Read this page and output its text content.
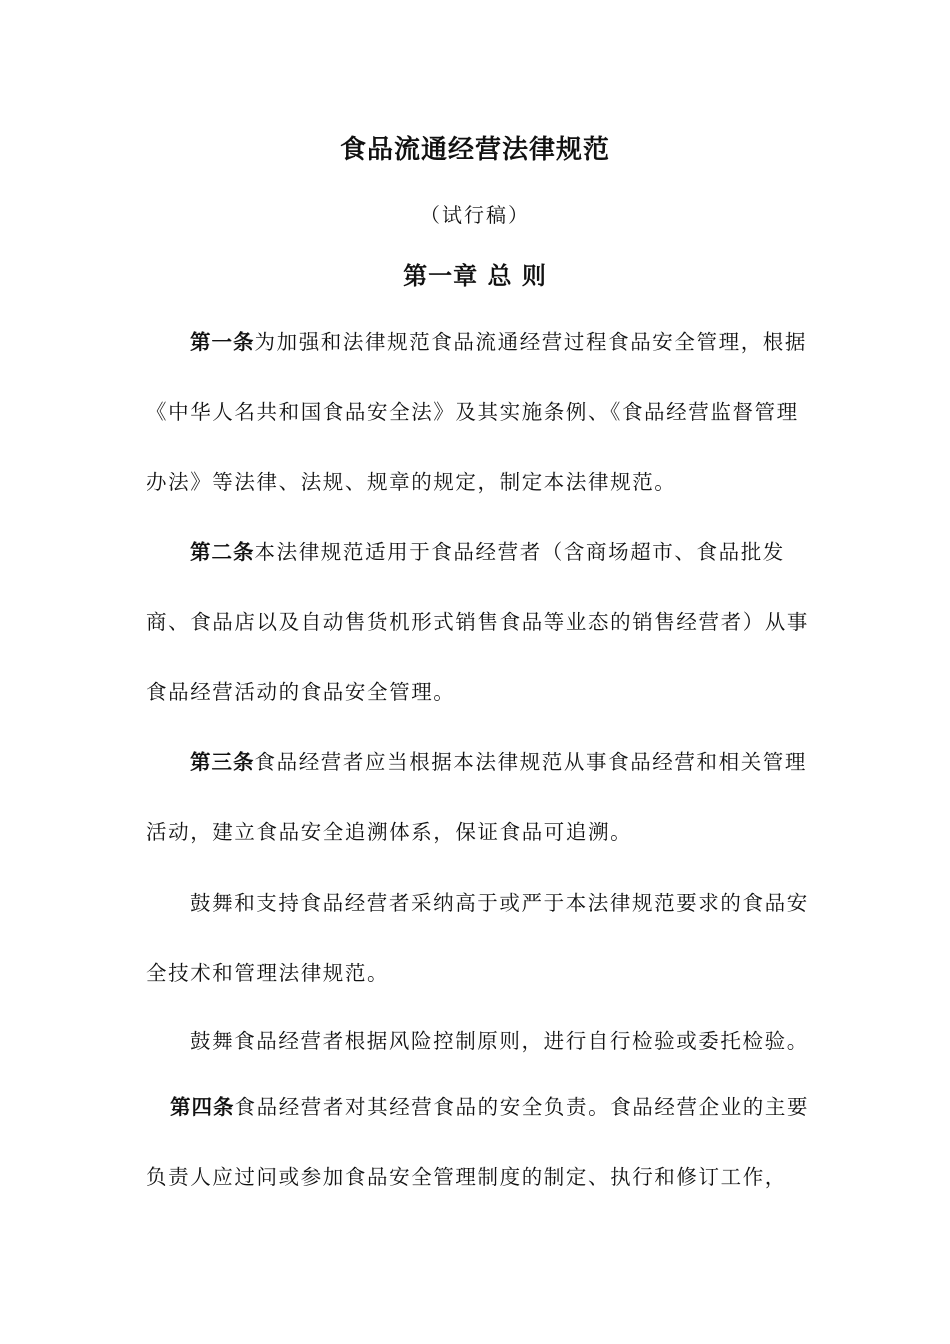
食品流通经营法律规范
（试行稿）
第一章 总 则

第一条为加强和法律规范食品流通经营过程食品安全管理，根据《中华人名共和国食品安全法》及其实施条例、《食品经营监督管理办法》等法律、法规、规章的规定，制定本法律规范。

第二条本法律规范适用于食品经营者（含商场超市、食品批发商、食品店以及自动售货机形式销售食品等业态的销售经营者）从事食品经营活动的食品安全管理。

第三条食品经营者应当根据本法律规范从事食品经营和相关管理活动，建立食品安全追溯体系，保证食品可追溯。

鼓舞和支持食品经营者采纳高于或严于本法律规范要求的食品安全技术和管理法律规范。

鼓舞食品经营者根据风险控制原则，进行自行检验或委托检验。

第四条食品经营者对其经营食品的安全负责。食品经营企业的主要负责人应过问或参加食品安全管理制度的制定、执行和修订工作，
